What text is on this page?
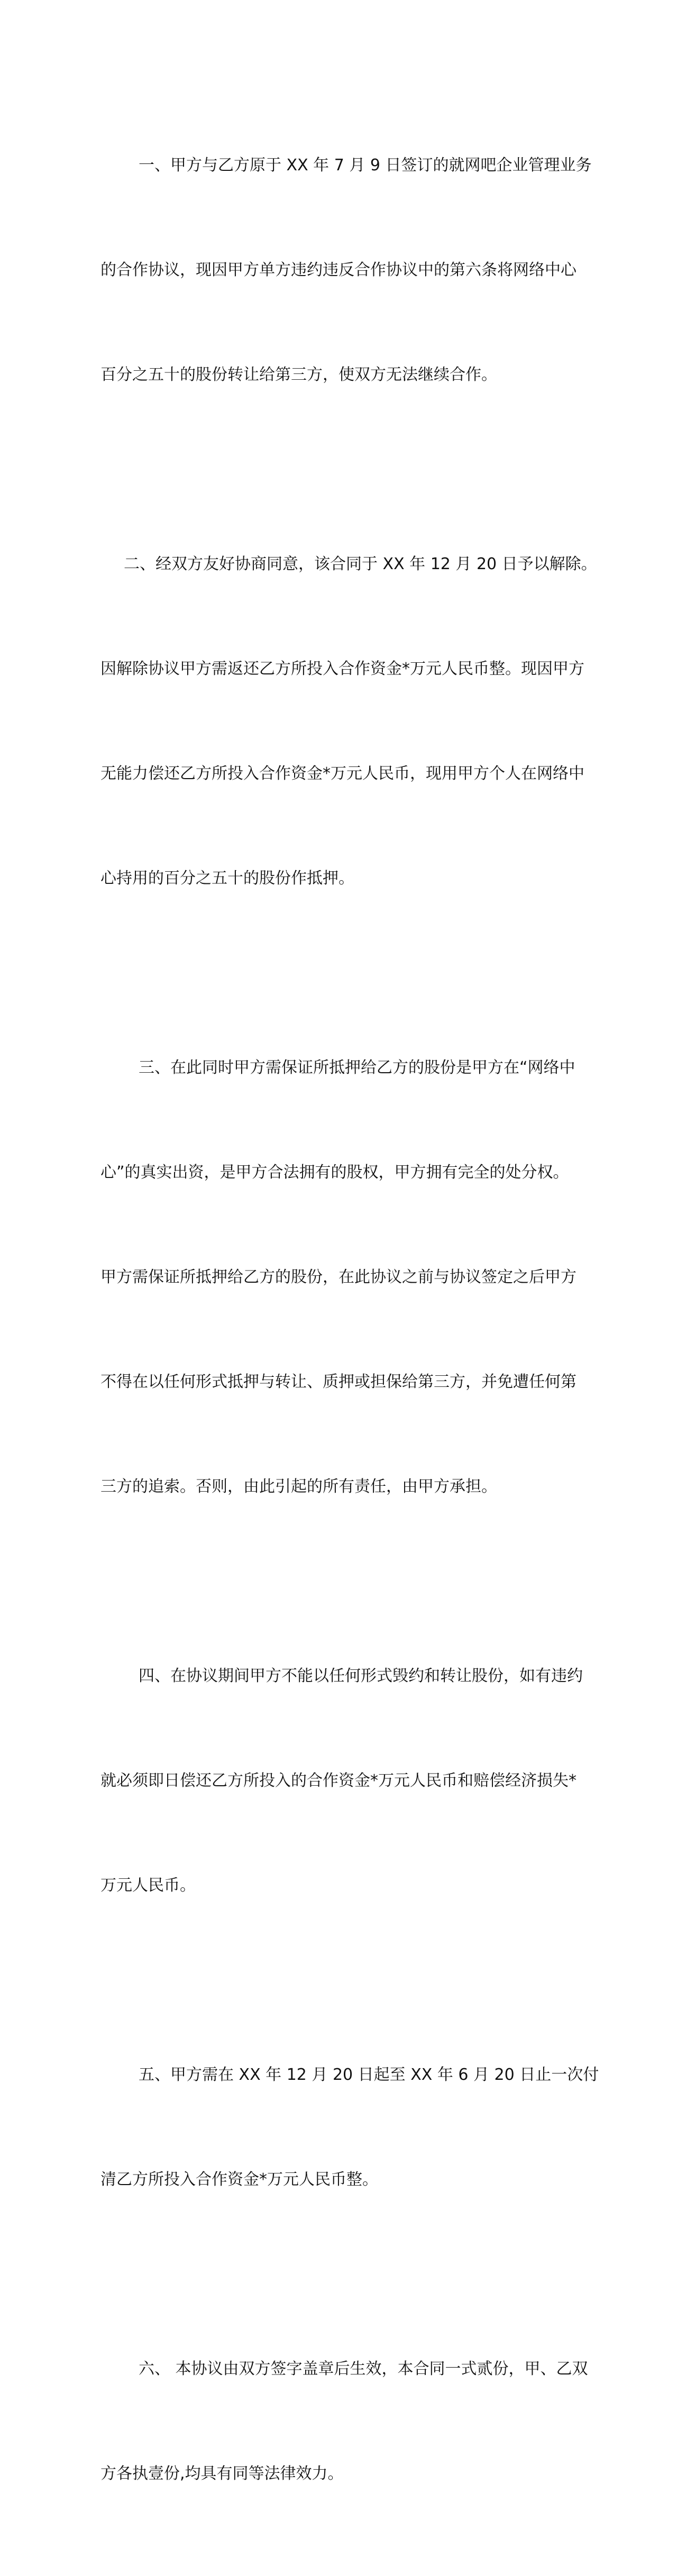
一、甲方与乙方原于 XX 年 7 月 9 日签订的就网吧企业管理业务

的合作协议，现因甲方单方违约违反合作协议中的第六条将网络中心

百分之五十的股份转让给第三方，使双方无法继续合作。

二、经双方友好协商同意，该合同于 XX 年 12 月 20 日予以解除。

因解除协议甲方需返还乙方所投入合作资金*万元人民币整。现因甲方

无能力偿还乙方所投入合作资金*万元人民币，现用甲方个人在网络中

心持用的百分之五十的股份作抵押。

三、在此同时甲方需保证所抵押给乙方的股份是甲方在“网络中

心”的真实出资，是甲方合法拥有的股权，甲方拥有完全的处分权。

甲方需保证所抵押给乙方的股份，在此协议之前与协议签定之后甲方

不得在以任何形式抵押与转让、质押或担保给第三方，并免遭任何第

三方的追索。否则，由此引起的所有责任，由甲方承担。

四、在协议期间甲方不能以任何形式毁约和转让股份，如有违约

就必须即日偿还乙方所投入的合作资金*万元人民币和赔偿经济损失*

万元人民币。

五、甲方需在 XX 年 12 月 20 日起至 XX 年 6 月 20 日止一次付

清乙方所投入合作资金*万元人民币整。

六、 本协议由双方签字盖章后生效，本合同一式贰份，甲、乙双

方各执壹份,均具有同等法律效力。
